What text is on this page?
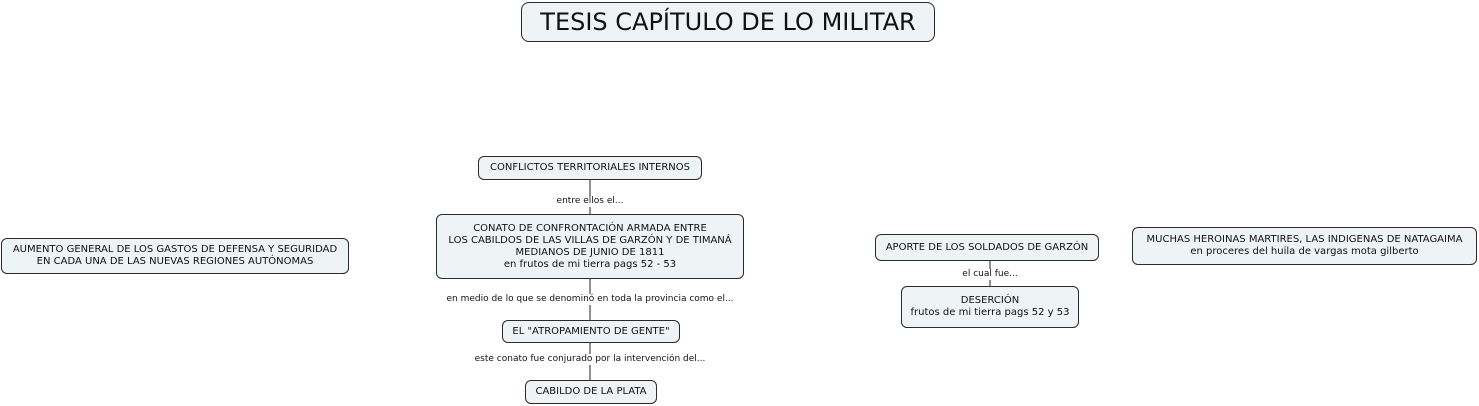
TESIS CAPÍTULO DE LO MILITAR
CONFLICTOS TERRITORIALES INTERNOS
entre ellos el...
CONATO DE CONFRONTACIÓN ARMADA ENTRE
LOS CABILDOS DE LAS VILLAS DE GARZÓN Y DE TIMANÁ
MEDIANOS DE JUNIO DE 1811
en frutos de mi tierra pags 52 - 53
en medio de lo que se denominó en toda la provincia como el...
EL "ATROPAMIENTO DE GENTE"
este conato fue conjurado por la intervención del...
CABILDO DE LA PLATA
AUMENTO GENERAL DE LOS GASTOS DE DEFENSA Y SEGURIDAD
EN CADA UNA DE LAS NUEVAS REGIONES AUTÓNOMAS
APORTE DE LOS SOLDADOS DE GARZÓN
el cual fue...
DESERCIÓN
frutos de mi tierra pags 52 y 53
MUCHAS HEROINAS MARTIRES, LAS INDIGENAS DE NATAGAIMA
en proceres del huila de vargas mota gilberto
